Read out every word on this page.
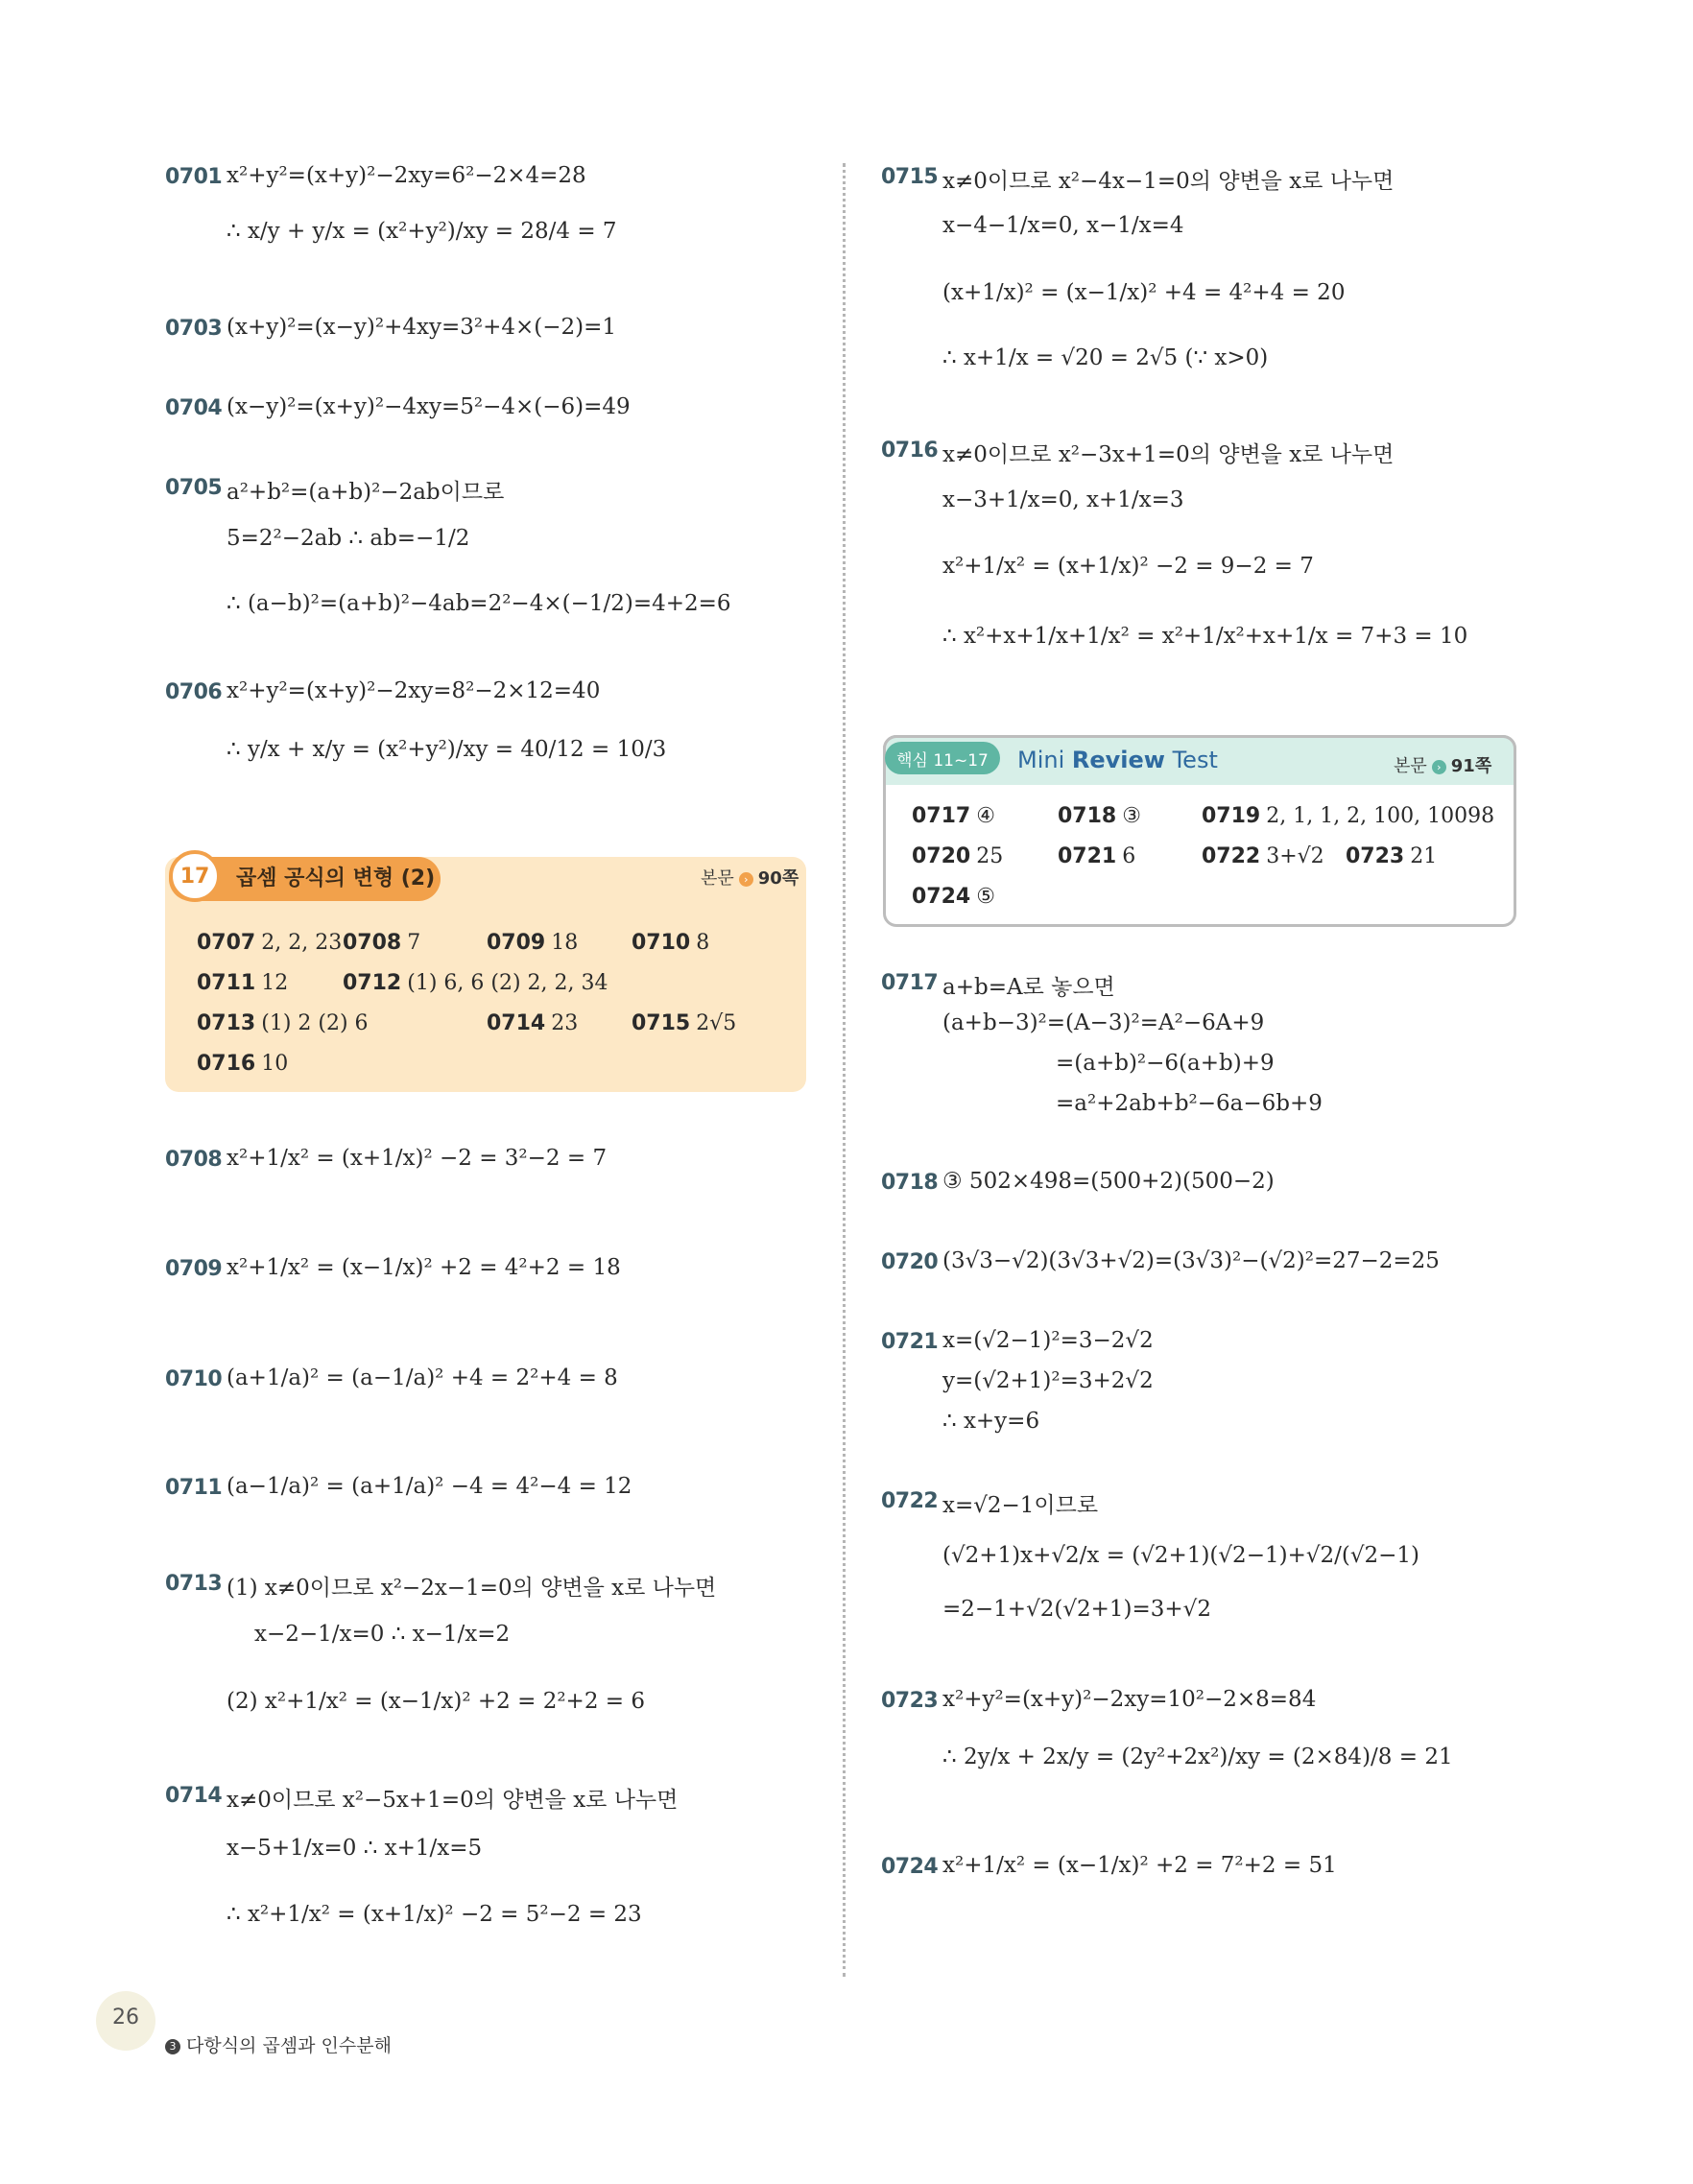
0701 x²+y²=(x+y)²−2xy=6²−2×4=28
∴ x/y + y/x = (x²+y²)/xy = 28/4 = 7
0703 (x+y)²=(x−y)²+4xy=3²+4×(−2)=1
0704 (x−y)²=(x+y)²−4xy=5²−4×(−6)=49
0705 a²+b²=(a+b)²−2ab이므로
5=2²−2ab ∴ ab=−1/2
∴ (a−b)²=(a+b)²−4ab=2²−4×(−1/2)=4+2=6
0706 x²+y²=(x+y)²−2xy=8²−2×12=40
∴ y/x + x/y = (x²+y²)/xy = 40/12 = 10/3
17	곱셈 공식의 변형 (2)	본문 › 90쪽
0707 2, 2, 23 0708 7	0709 18	0710 8
0711 12	0712 (1) 6, 6 (2) 2, 2, 34
0713 (1) 2 (2) 6	0714 23	0715 2√5
0716 10
0708 x²+1/x² = (x+1/x)² −2 = 3²−2 = 7
0709 x²+1/x² = (x−1/x)² +2 = 4²+2 = 18
0710 (a+1/a)² = (a−1/a)² +4 = 2²+4 = 8
0711 (a−1/a)² = (a+1/a)² −4 = 4²−4 = 12
0713 (1) x≠0이므로 x²−2x−1=0의 양변을 x로 나누면
x−2−1/x=0 ∴ x−1/x=2
(2) x²+1/x² = (x−1/x)² +2 = 2²+2 = 6
0714 x≠0이므로 x²−5x+1=0의 양변을 x로 나누면
x−5+1/x=0 ∴ x+1/x=5
∴ x²+1/x² = (x+1/x)² −2 = 5²−2 = 23
0715 x≠0이므로 x²−4x−1=0의 양변을 x로 나누면
x−4−1/x=0, x−1/x=4
(x+1/x)² = (x−1/x)² +4 = 4²+4 = 20
∴ x+1/x = √20 = 2√5 (∵ x>0)
0716 x≠0이므로 x²−3x+1=0의 양변을 x로 나누면
x−3+1/x=0, x+1/x=3
x²+1/x² = (x+1/x)² −2 = 9−2 = 7
∴ x²+x+1/x+1/x² = x²+1/x²+x+1/x = 7+3 = 10
핵심 11~17	Mini Review Test	본문 › 91쪽
0717 ④	0718 ③	0719 2, 1, 1, 2, 100, 10098
0720 25	0721 6	0722 3+√2 0723 21
0724 ⑤
0717 a+b=A로 놓으면
(a+b−3)²=(A−3)²=A²−6A+9
=(a+b)²−6(a+b)+9
=a²+2ab+b²−6a−6b+9
0718 ③ 502×498=(500+2)(500−2)
0720 (3√3−√2)(3√3+√2)=(3√3)²−(√2)²=27−2=25
0721 x=(√2−1)²=3−2√2
y=(√2+1)²=3+2√2
∴ x+y=6
0722 x=√2−1이므로
(√2+1)x+√2/x = (√2+1)(√2−1)+√2/(√2−1)
=2−1+√2(√2+1)=3+√2
0723 x²+y²=(x+y)²−2xy=10²−2×8=84
∴ 2y/x + 2x/y = (2y²+2x²)/xy = (2×84)/8 = 21
0724 x²+1/x² = (x−1/x)² +2 = 7²+2 = 51
26
3 다항식의 곱셈과 인수분해
